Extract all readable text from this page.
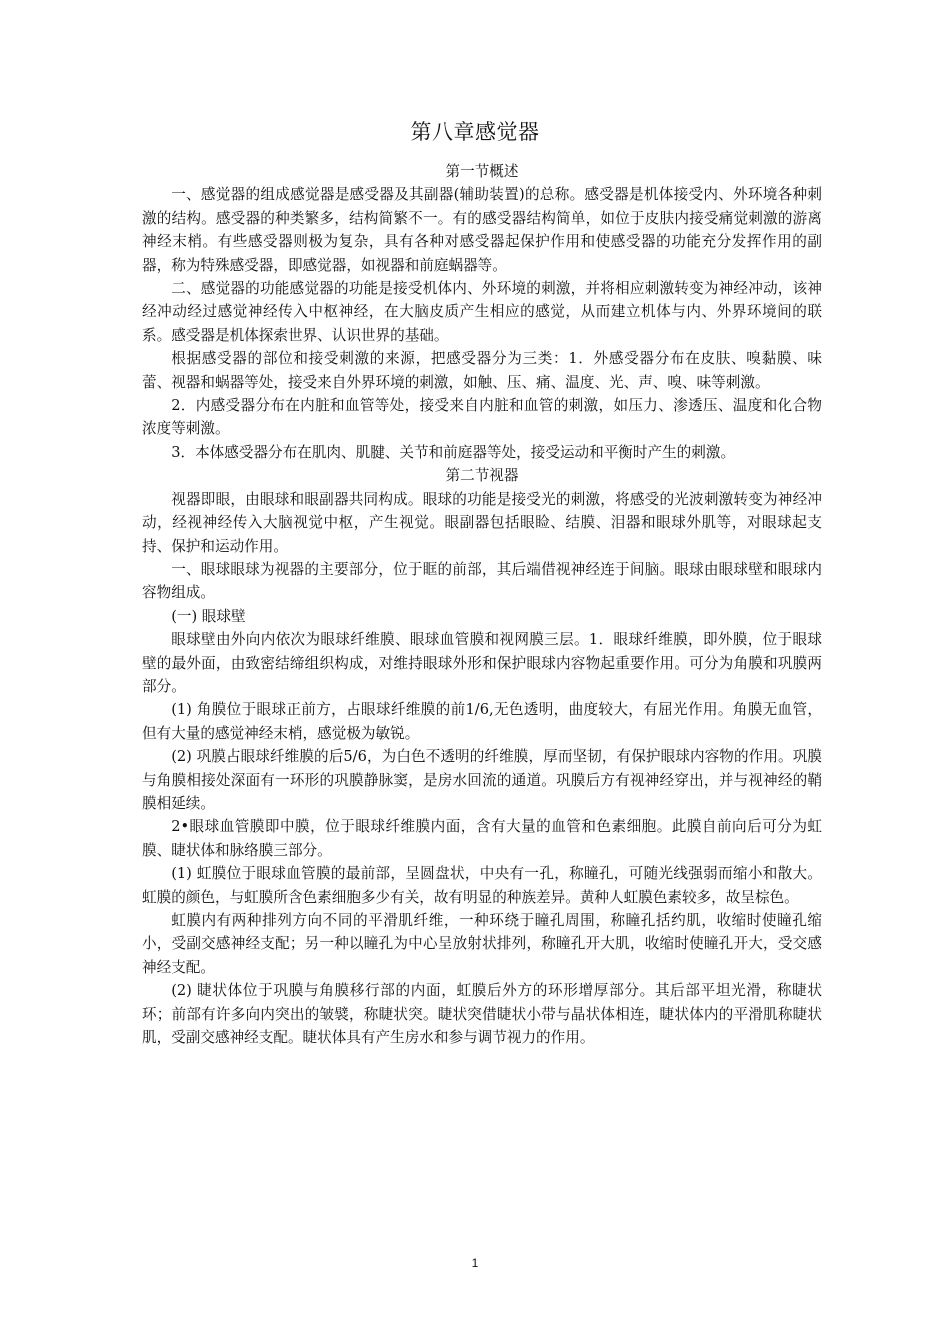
第八章感觉器

第一节概述

一、感觉器的组成感觉器是感受器及其副器(辅助装置)的总称。感受器是机体接受内、外环境各种刺激的结构。感受器的种类繁多，结构简繁不一。有的感受器结构简单，如位于皮肤内接受痛觉刺激的游离神经末梢。有些感受器则极为复杂，具有各种对感受器起保护作用和使感受器的功能充分发挥作用的副器，称为特殊感受器，即感觉器，如视器和前庭蜗器等。

二、感觉器的功能感觉器的功能是接受机体内、外环境的刺激，并将相应刺激转变为神经冲动，该神经冲动经过感觉神经传入中枢神经，在大脑皮质产生相应的感觉，从而建立机体与内、外界环境间的联系。感受器是机体探索世界、认识世界的基础。

根据感受器的部位和接受刺激的来源，把感受器分为三类：1．外感受器分布在皮肤、嗅黏膜、味蕾、视器和蜗器等处，接受来自外界环境的刺激，如触、压、痛、温度、光、声、嗅、味等刺激。

2．内感受器分布在内脏和血管等处，接受来自内脏和血管的刺激，如压力、渗透压、温度和化合物浓度等刺激。

3．本体感受器分布在肌肉、肌腱、关节和前庭器等处，接受运动和平衡时产生的刺激。

第二节视器

视器即眼，由眼球和眼副器共同构成。眼球的功能是接受光的刺激，将感受的光波刺激转变为神经冲动，经视神经传入大脑视觉中枢，产生视觉。眼副器包括眼睑、结膜、泪器和眼球外肌等，对眼球起支持、保护和运动作用。

一、眼球眼球为视器的主要部分，位于眶的前部，其后端借视神经连于间脑。眼球由眼球壁和眼球内容物组成。

(一) 眼球壁

眼球壁由外向内依次为眼球纤维膜、眼球血管膜和视网膜三层。1．眼球纤维膜，即外膜，位于眼球壁的最外面，由致密结缔组织构成，对维持眼球外形和保护眼球内容物起重要作用。可分为角膜和巩膜两部分。

(1) 角膜位于眼球正前方，占眼球纤维膜的前1/6,无色透明，曲度较大，有屈光作用。角膜无血管，但有大量的感觉神经末梢，感觉极为敏锐。

(2) 巩膜占眼球纤维膜的后5/6，为白色不透明的纤维膜，厚而坚韧，有保护眼球内容物的作用。巩膜与角膜相接处深面有一环形的巩膜静脉窦，是房水回流的通道。巩膜后方有视神经穿出，并与视神经的鞘膜相延续。

2•眼球血管膜即中膜，位于眼球纤维膜内面，含有大量的血管和色素细胞。此膜自前向后可分为虹膜、睫状体和脉络膜三部分。

(1) 虹膜位于眼球血管膜的最前部，呈圆盘状，中央有一孔，称瞳孔，可随光线强弱而缩小和散大。虹膜的颜色，与虹膜所含色素细胞多少有关，故有明显的种族差异。黄种人虹膜色素较多，故呈棕色。

虹膜内有两种排列方向不同的平滑肌纤维，一种环绕于瞳孔周围，称瞳孔括约肌，收缩时使瞳孔缩小，受副交感神经支配；另一种以瞳孔为中心呈放射状排列，称瞳孔开大肌，收缩时使瞳孔开大，受交感神经支配。

(2) 睫状体位于巩膜与角膜移行部的内面，虹膜后外方的环形增厚部分。其后部平坦光滑，称睫状环；前部有许多向内突出的皱襞，称睫状突。睫状突借睫状小带与晶状体相连，睫状体内的平滑肌称睫状肌，受副交感神经支配。睫状体具有产生房水和参与调节视力的作用。

1
